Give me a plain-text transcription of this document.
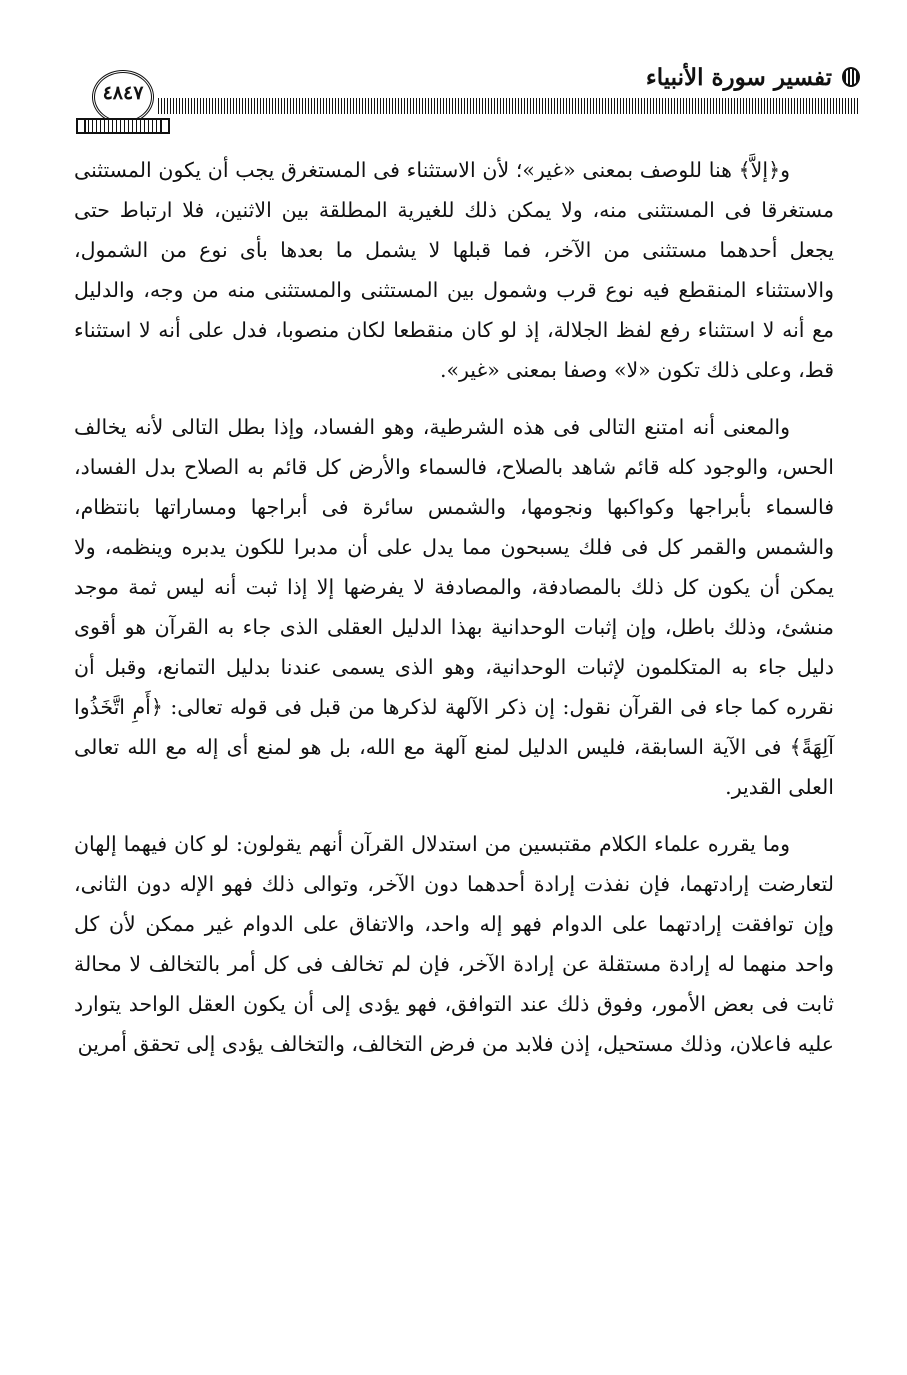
تفسير سورة الأنبياء
٤٨٤٧

و﴿إلاَّ﴾ هنا للوصف بمعنى «غير»؛ لأن الاستثناء فى المستغرق يجب أن يكون المستثنى مستغرقا فى المستثنى منه، ولا يمكن ذلك للغيرية المطلقة بين الاثنين، فلا ارتباط حتى يجعل أحدهما مستثنى من الآخر، فما قبلها لا يشمل ما بعدها بأى نوع من الشمول، والاستثناء المنقطع فيه نوع قرب وشمول بين المستثنى والمستثنى منه من وجه، والدليل مع أنه لا استثناء رفع لفظ الجلالة، إذ لو كان منقطعا لكان منصوبا، فدل على أنه لا استثناء قط، وعلى ذلك تكون «لا» وصفا بمعنى «غير».

والمعنى أنه امتنع التالى فى هذه الشرطية، وهو الفساد، وإذا بطل التالى لأنه يخالف الحس، والوجود كله قائم شاهد بالصلاح، فالسماء والأرض كل قائم به الصلاح بدل الفساد، فالسماء بأبراجها وكواكبها ونجومها، والشمس سائرة فى أبراجها ومساراتها بانتظام، والشمس والقمر كل فى فلك يسبحون مما يدل على أن مدبرا للكون يدبره وينظمه، ولا يمكن أن يكون كل ذلك بالمصادفة، والمصادفة لا يفرضها إلا إذا ثبت أنه ليس ثمة موجد منشئ، وذلك باطل، وإن إثبات الوحدانية بهذا الدليل العقلى الذى جاء به القرآن هو أقوى دليل جاء به المتكلمون لإثبات الوحدانية، وهو الذى يسمى عندنا بدليل التمانع، وقبل أن نقرره كما جاء فى القرآن نقول: إن ذكر الآلهة لذكرها من قبل فى قوله تعالى: ﴿أَمِ اتَّخَذُوا آلِهَةً﴾ فى الآية السابقة، فليس الدليل لمنع آلهة مع الله، بل هو لمنع أى إله مع الله تعالى العلى القدير.

وما يقرره علماء الكلام مقتبسين من استدلال القرآن أنهم يقولون: لو كان فيهما إلهان لتعارضت إرادتهما، فإن نفذت إرادة أحدهما دون الآخر، وتوالى ذلك فهو الإله دون الثانى، وإن توافقت إرادتهما على الدوام فهو إله واحد، والاتفاق على الدوام غير ممكن لأن كل واحد منهما له إرادة مستقلة عن إرادة الآخر، فإن لم تخالف فى كل أمر بالتخالف لا محالة ثابت فى بعض الأمور، وفوق ذلك عند التوافق، فهو يؤدى إلى أن يكون العقل الواحد يتوارد عليه فاعلان، وذلك مستحيل، إذن فلابد من فرض التخالف، والتخالف يؤدى إلى تحقق أمرين
